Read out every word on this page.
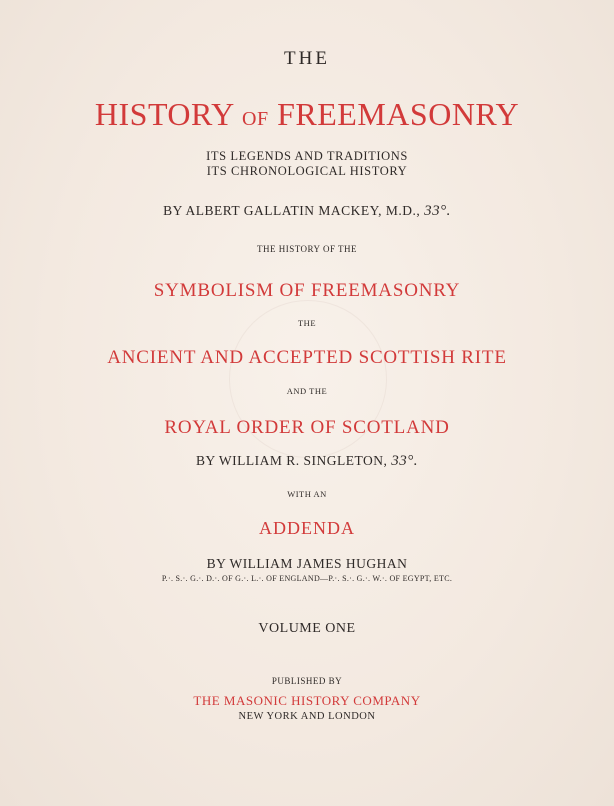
THE
HISTORY OF FREEMASONRY
ITS LEGENDS AND TRADITIONS
ITS CHRONOLOGICAL HISTORY
BY ALBERT GALLATIN MACKEY, M.D., 33°.
THE HISTORY OF THE
SYMBOLISM OF FREEMASONRY
THE
ANCIENT AND ACCEPTED SCOTTISH RITE
AND THE
ROYAL ORDER OF SCOTLAND
BY WILLIAM R. SINGLETON, 33°.
WITH AN
ADDENDA
BY WILLIAM JAMES HUGHAN
P.·. S.·. G.·. D.·. OF G.·. L.·. OF ENGLAND—P.·. S.·. G.·. W.·. OF EGYPT, ETC.
VOLUME ONE
PUBLISHED BY
THE MASONIC HISTORY COMPANY
NEW YORK AND LONDON
